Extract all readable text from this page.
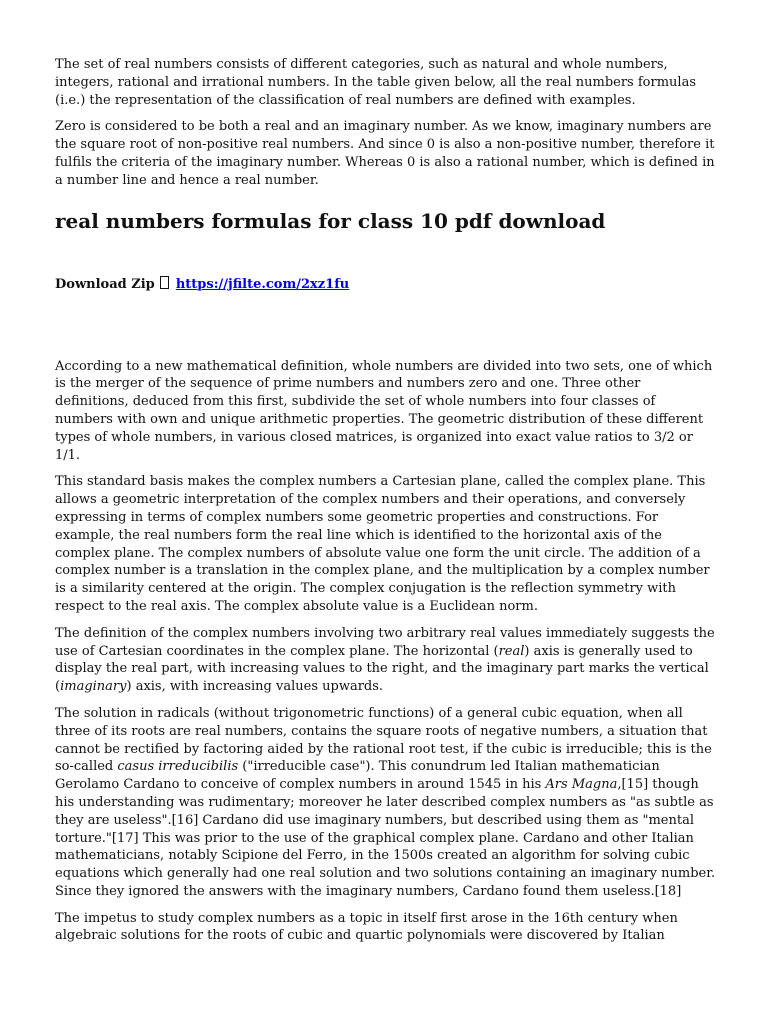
The set of real numbers consists of different categories, such as natural and whole numbers, integers, rational and irrational numbers. In the table given below, all the real numbers formulas (i.e.) the representation of the classification of real numbers are defined with examples.

Zero is considered to be both a real and an imaginary number. As we know, imaginary numbers are the square root of non-positive real numbers. And since 0 is also a non-positive number, therefore it fulfils the criteria of the imaginary number. Whereas 0 is also a rational number, which is defined in a number line and hence a real number.

real numbers formulas for class 10 pdf download
Download Zip https://jfilte.com/2xz1fu

According to a new mathematical definition, whole numbers are divided into two sets, one of which is the merger of the sequence of prime numbers and numbers zero and one. Three other definitions, deduced from this first, subdivide the set of whole numbers into four classes of numbers with own and unique arithmetic properties. The geometric distribution of these different types of whole numbers, in various closed matrices, is organized into exact value ratios to 3/2 or 1/1.

This standard basis makes the complex numbers a Cartesian plane, called the complex plane. This allows a geometric interpretation of the complex numbers and their operations, and conversely expressing in terms of complex numbers some geometric properties and constructions. For example, the real numbers form the real line which is identified to the horizontal axis of the complex plane. The complex numbers of absolute value one form the unit circle. The addition of a complex number is a translation in the complex plane, and the multiplication by a complex number is a similarity centered at the origin. The complex conjugation is the reflection symmetry with respect to the real axis. The complex absolute value is a Euclidean norm.

The definition of the complex numbers involving two arbitrary real values immediately suggests the use of Cartesian coordinates in the complex plane. The horizontal (real) axis is generally used to display the real part, with increasing values to the right, and the imaginary part marks the vertical (imaginary) axis, with increasing values upwards.

The solution in radicals (without trigonometric functions) of a general cubic equation, when all three of its roots are real numbers, contains the square roots of negative numbers, a situation that cannot be rectified by factoring aided by the rational root test, if the cubic is irreducible; this is the so-called casus irreducibilis ("irreducible case"). This conundrum led Italian mathematician Gerolamo Cardano to conceive of complex numbers in around 1545 in his Ars Magna,[15] though his understanding was rudimentary; moreover he later described complex numbers as "as subtle as they are useless".[16] Cardano did use imaginary numbers, but described using them as "mental torture."[17] This was prior to the use of the graphical complex plane. Cardano and other Italian mathematicians, notably Scipione del Ferro, in the 1500s created an algorithm for solving cubic equations which generally had one real solution and two solutions containing an imaginary number. Since they ignored the answers with the imaginary numbers, Cardano found them useless.[18]

The impetus to study complex numbers as a topic in itself first arose in the 16th century when algebraic solutions for the roots of cubic and quartic polynomials were discovered by Italian
